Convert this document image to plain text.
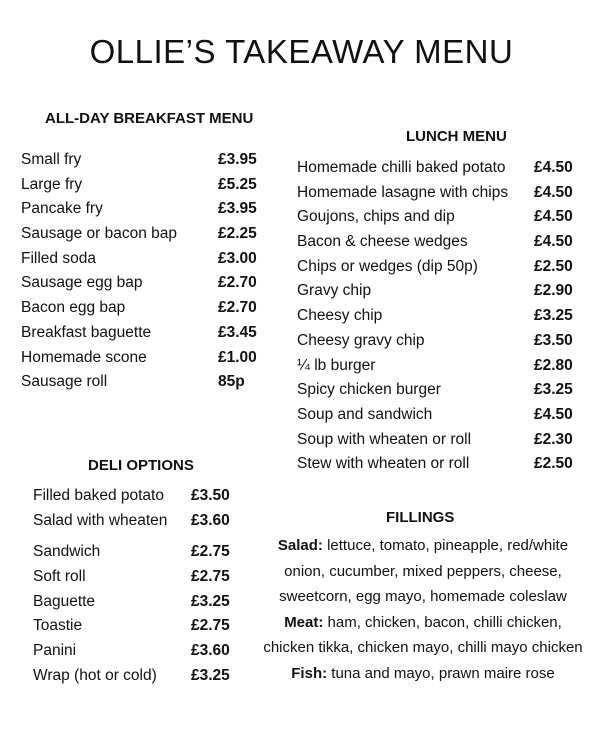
OLLIE’S TAKEAWAY MENU
ALL-DAY BREAKFAST MENU
Small fry	£3.95
Large fry	£5.25
Pancake fry	£3.95
Sausage or bacon bap	£2.25
Filled soda	£3.00
Sausage egg bap	£2.70
Bacon egg bap	£2.70
Breakfast baguette	£3.45
Homemade scone	£1.00
Sausage roll	85p
LUNCH MENU
Homemade chilli baked potato £4.50
Homemade lasagne with chips £4.50
Goujons, chips and dip	£4.50
Bacon & cheese wedges	£4.50
Chips or wedges (dip 50p)	£2.50
Gravy chip	£2.90
Cheesy chip	£3.25
Cheesy gravy chip	£3.50
¼ lb burger	£2.80
Spicy chicken burger	£3.25
Soup and sandwich	£4.50
Soup with wheaten or roll	£2.30
Stew with wheaten or roll	£2.50
DELI OPTIONS
Filled baked potato £3.50
Salad with wheaten £3.60
Sandwich	£2.75
Soft roll	£2.75
Baguette	£3.25
Toastie	£2.75
Panini	£3.60
Wrap (hot or cold) £3.25
FILLINGS
Salad: lettuce, tomato, pineapple, red/white onion, cucumber, mixed peppers, cheese, sweetcorn, egg mayo, homemade coleslaw
Meat: ham, chicken, bacon, chilli chicken, chicken tikka, chicken mayo, chilli mayo chicken
Fish: tuna and mayo, prawn maire rose
